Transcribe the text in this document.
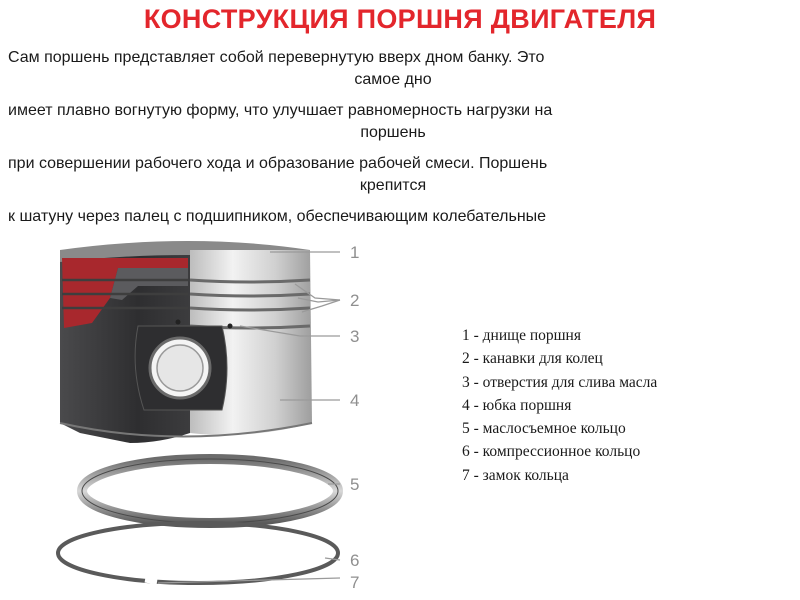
КОНСТРУКЦИЯ ПОРШНЯ ДВИГАТЕЛЯ

Сам поршень представляет собой перевернутую вверх дном банку. Это
самое дно

имеет плавно вогнутую форму, что улучшает равномерность нагрузки на
поршень

при совершении рабочего хода и образование рабочей смеси. Поршень
крепится

к шатуну через палец с подшипником, обеспечивающим колебательные

1
2
3
4
5
6
7
1 - днище поршня
2 - канавки для колец
3 - отверстия для слива масла
4 - юбка поршня
5 - маслосъемное кольцо
6 - компрессионное кольцо
7 - замок кольца
